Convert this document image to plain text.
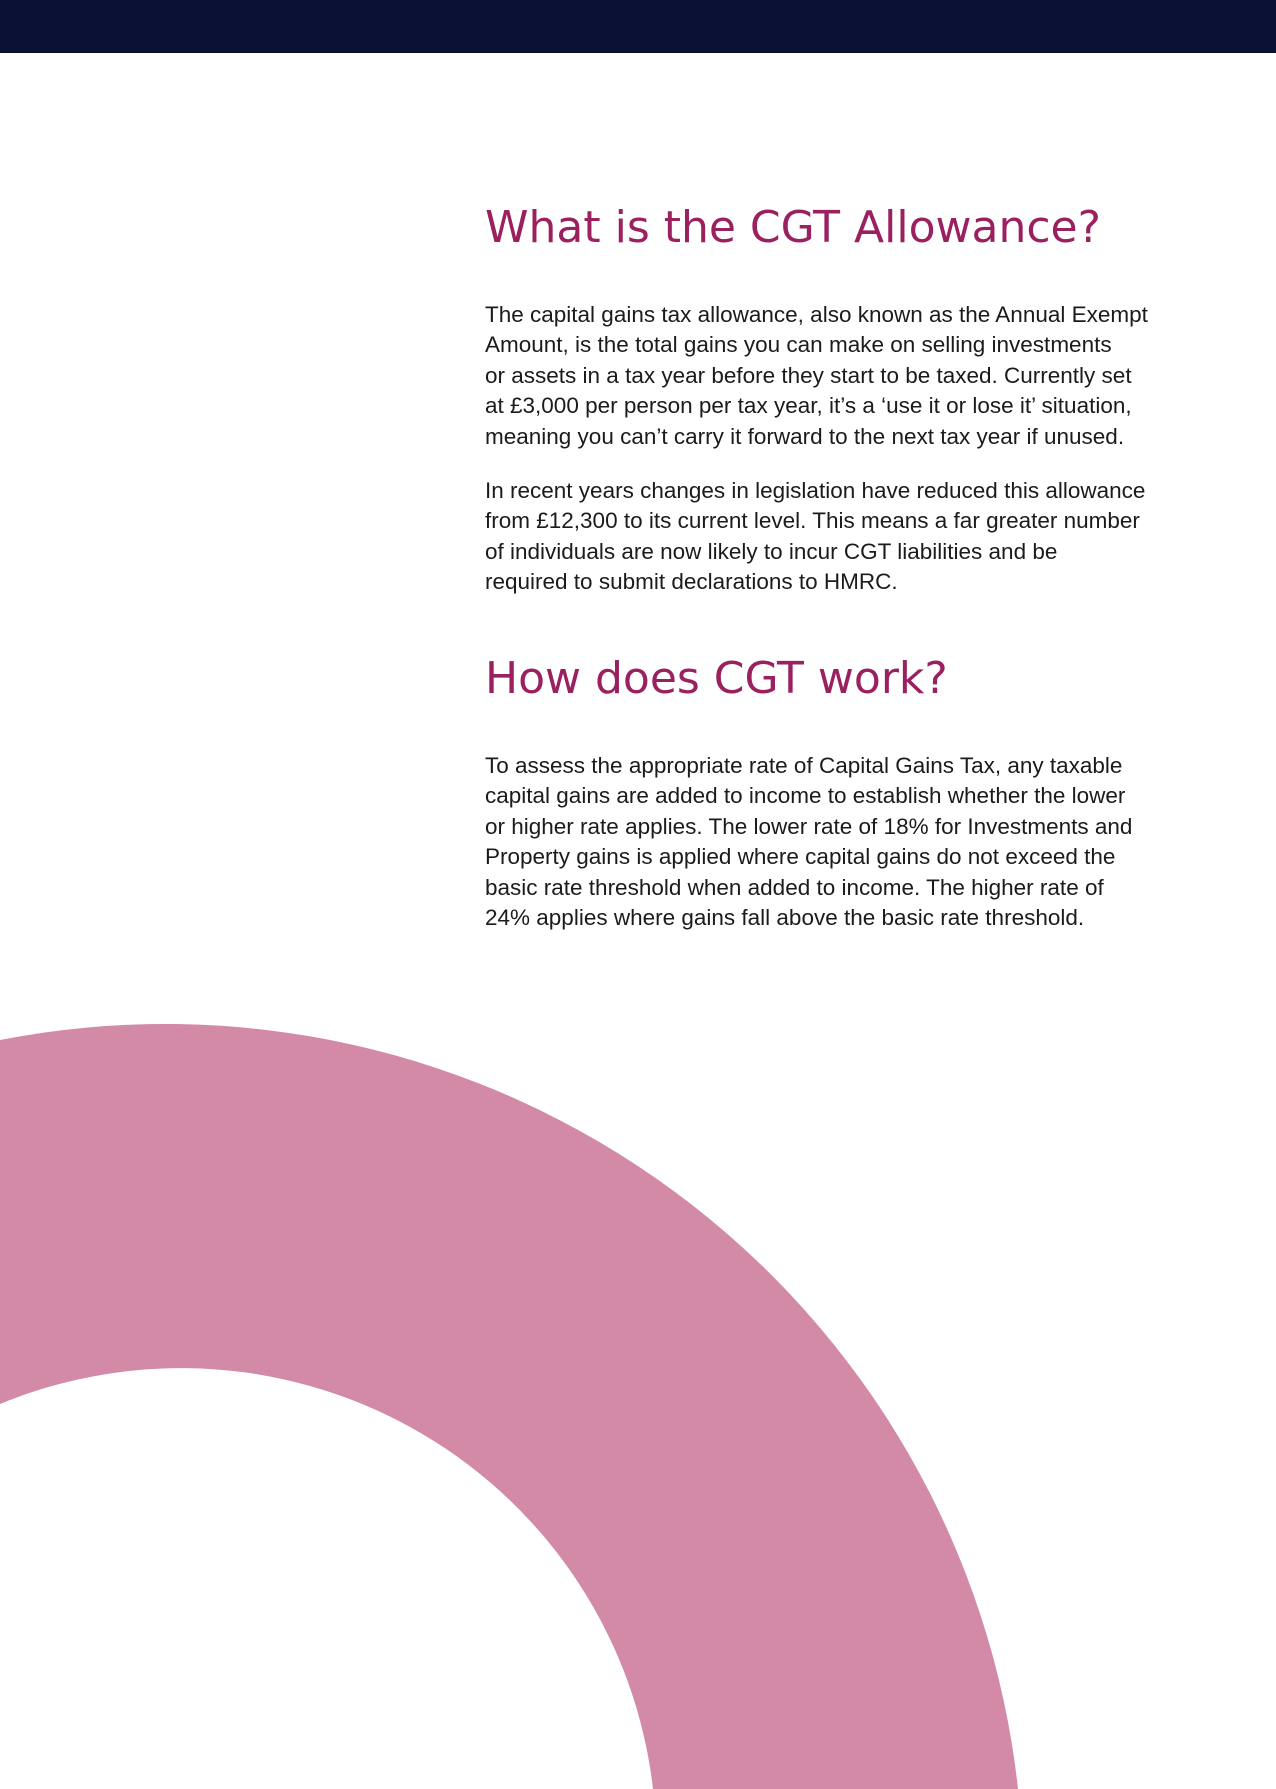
What is the CGT Allowance?

The capital gains tax allowance, also known as the Annual Exempt
Amount, is the total gains you can make on selling investments
or assets in a tax year before they start to be taxed. Currently set
at £3,000 per person per tax year, it’s a ‘use it or lose it’ situation,
meaning you can’t carry it forward to the next tax year if unused.

In recent years changes in legislation have reduced this allowance
from £12,300 to its current level. This means a far greater number
of individuals are now likely to incur CGT liabilities and be
required to submit declarations to HMRC.

How does CGT work?

To assess the appropriate rate of Capital Gains Tax, any taxable
capital gains are added to income to establish whether the lower
or higher rate applies. The lower rate of 18% for Investments and
Property gains is applied where capital gains do not exceed the
basic rate threshold when added to income. The higher rate of
24% applies where gains fall above the basic rate threshold.
